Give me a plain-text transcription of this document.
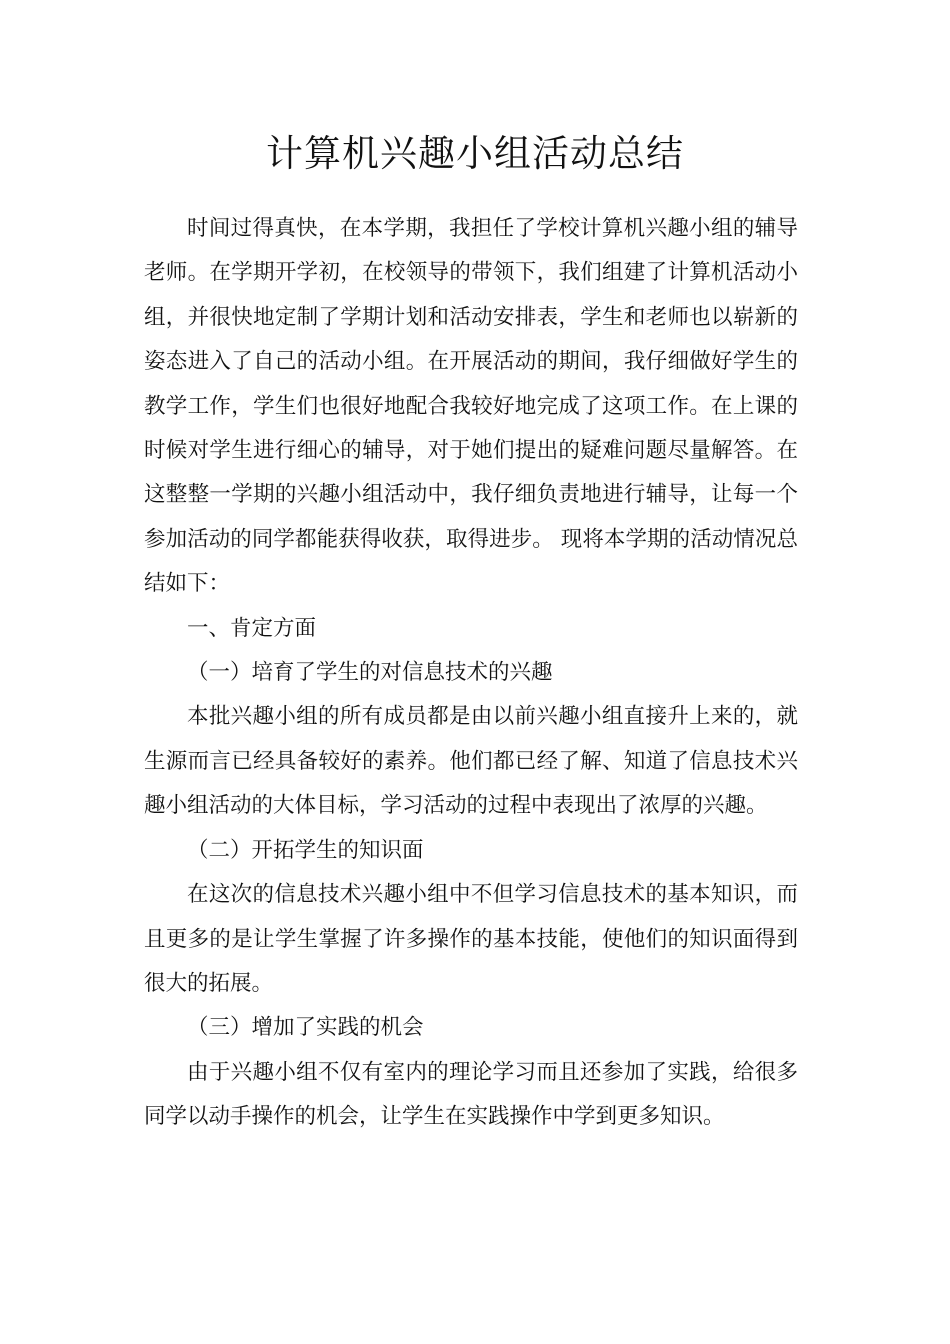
计算机兴趣小组活动总结

时间过得真快，在本学期，我担任了学校计算机兴趣小组的辅导老师。在学期开学初，在校领导的带领下，我们组建了计算机活动小组，并很快地定制了学期计划和活动安排表，学生和老师也以崭新的姿态进入了自己的活动小组。在开展活动的期间，我仔细做好学生的教学工作，学生们也很好地配合我较好地完成了这项工作。在上课的时候对学生进行细心的辅导，对于她们提出的疑难问题尽量解答。在这整整一学期的兴趣小组活动中，我仔细负责地进行辅导，让每一个参加活动的同学都能获得收获，取得进步。 现将本学期的活动情况总结如下：

一、肯定方面

（一）培育了学生的对信息技术的兴趣

本批兴趣小组的所有成员都是由以前兴趣小组直接升上来的，就生源而言已经具备较好的素养。他们都已经了解、知道了信息技术兴趣小组活动的大体目标，学习活动的过程中表现出了浓厚的兴趣。

（二）开拓学生的知识面

在这次的信息技术兴趣小组中不但学习信息技术的基本知识，而且更多的是让学生掌握了许多操作的基本技能，使他们的知识面得到很大的拓展。

（三）增加了实践的机会

由于兴趣小组不仅有室内的理论学习而且还参加了实践，给很多同学以动手操作的机会，让学生在实践操作中学到更多知识。
